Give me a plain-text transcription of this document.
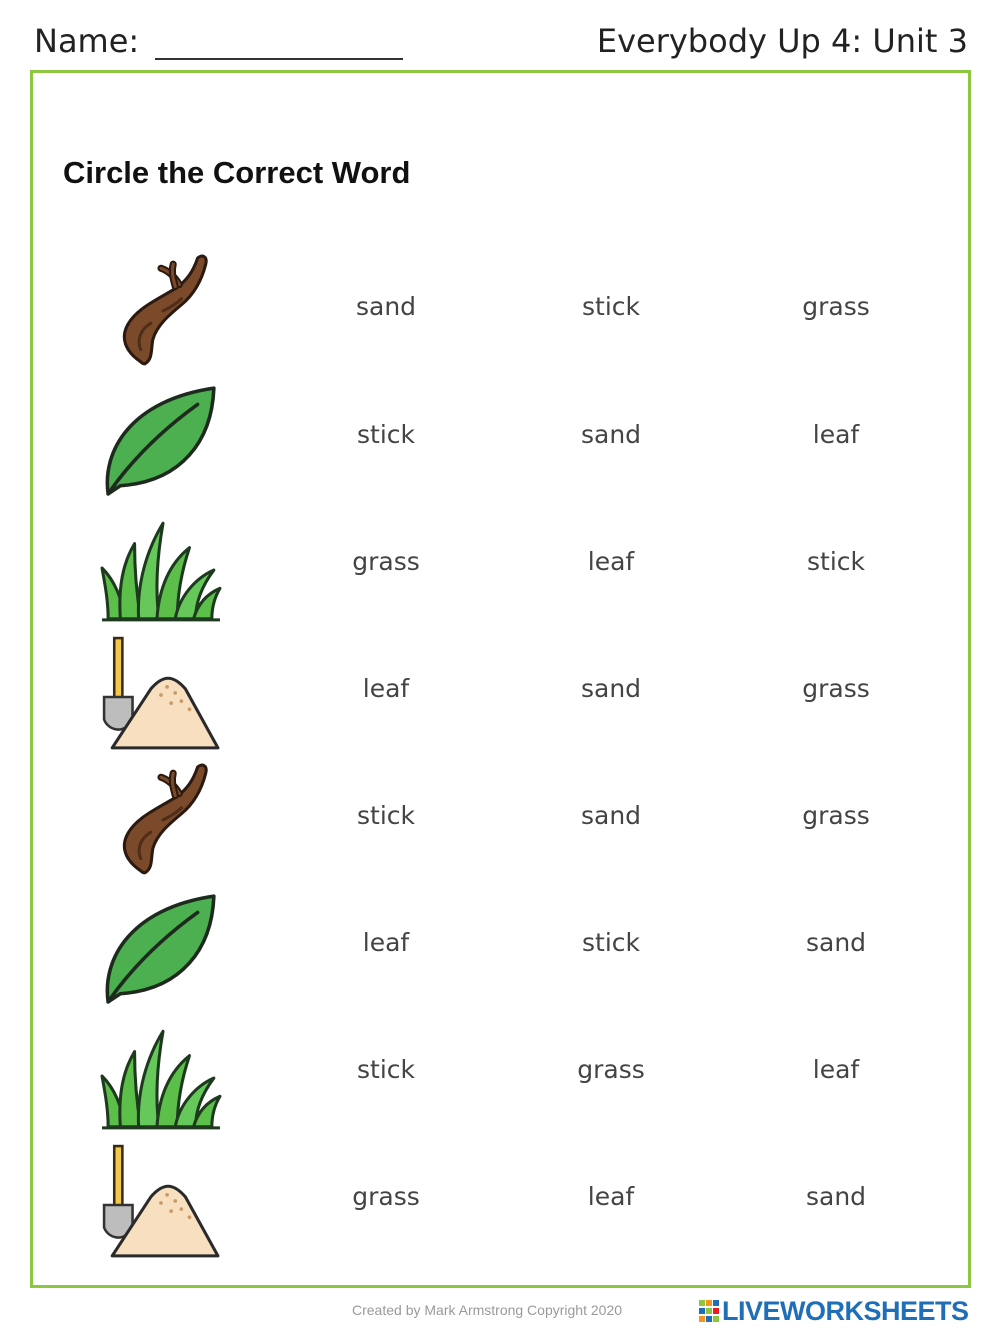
Name:	Everybody Up 4: Unit 3
Circle the Correct Word
sand	stick	grass
stick	sand	leaf
grass	leaf	stick
leaf	sand	grass
stick	sand	grass
leaf	stick	sand
stick	grass	leaf
grass	leaf	sand
Created by Mark Armstrong Copyright 2020	LIVEWORKSHEETS
